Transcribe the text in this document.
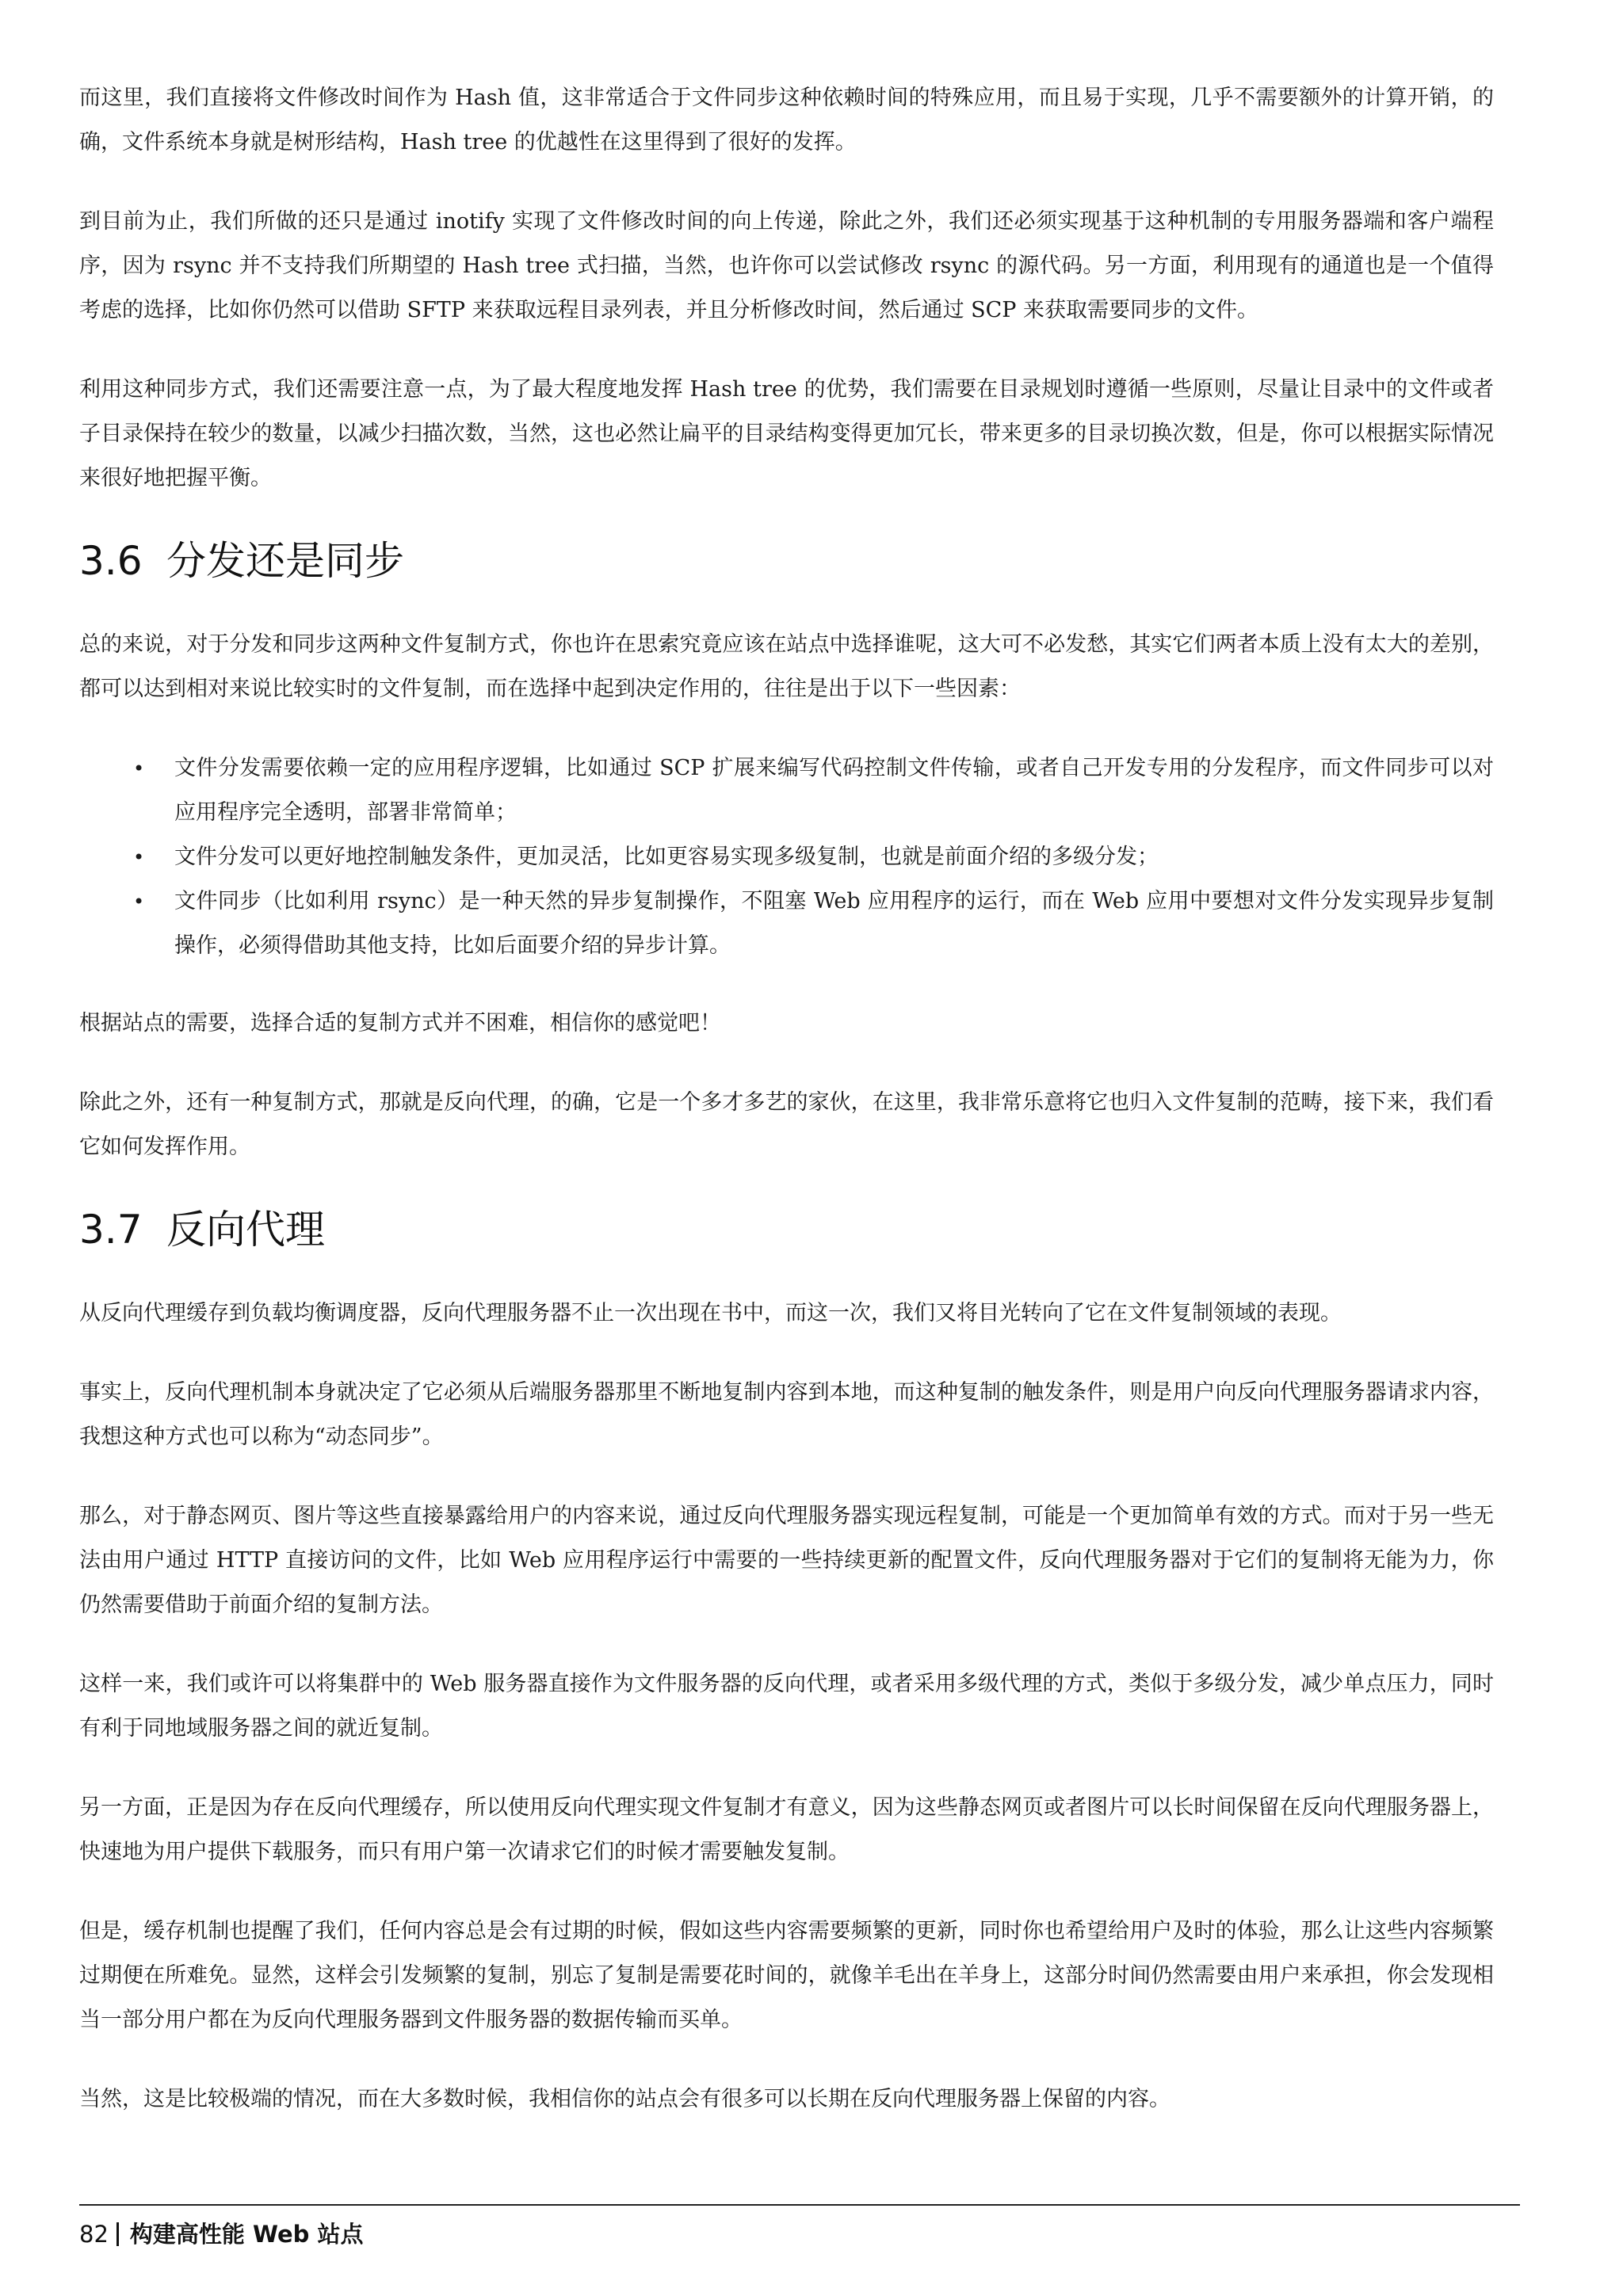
而这里，我们直接将文件修改时间作为 Hash 值，这非常适合于文件同步这种依赖时间的特殊应用，而且易于实现，几乎不需要额外的计算开销，的确，文件系统本身就是树形结构，Hash tree 的优越性在这里得到了很好的发挥。

到目前为止，我们所做的还只是通过 inotify 实现了文件修改时间的向上传递，除此之外，我们还必须实现基于这种机制的专用服务器端和客户端程序，因为 rsync 并不支持我们所期望的 Hash tree 式扫描，当然，也许你可以尝试修改 rsync 的源代码。另一方面，利用现有的通道也是一个值得考虑的选择，比如你仍然可以借助 SFTP 来获取远程目录列表，并且分析修改时间，然后通过 SCP 来获取需要同步的文件。

利用这种同步方式，我们还需要注意一点，为了最大程度地发挥 Hash tree 的优势，我们需要在目录规划时遵循一些原则，尽量让目录中的文件或者子目录保持在较少的数量，以减少扫描次数，当然，这也必然让扁平的目录结构变得更加冗长，带来更多的目录切换次数，但是，你可以根据实际情况来很好地把握平衡。

3.6 分发还是同步

总的来说，对于分发和同步这两种文件复制方式，你也许在思索究竟应该在站点中选择谁呢，这大可不必发愁，其实它们两者本质上没有太大的差别，都可以达到相对来说比较实时的文件复制，而在选择中起到决定作用的，往往是出于以下一些因素：

• 文件分发需要依赖一定的应用程序逻辑，比如通过 SCP 扩展来编写代码控制文件传输，或者自己开发专用的分发程序，而文件同步可以对应用程序完全透明，部署非常简单；
• 文件分发可以更好地控制触发条件，更加灵活，比如更容易实现多级复制，也就是前面介绍的多级分发；
• 文件同步（比如利用 rsync）是一种天然的异步复制操作，不阻塞 Web 应用程序的运行，而在 Web 应用中要想对文件分发实现异步复制操作，必须得借助其他支持，比如后面要介绍的异步计算。

根据站点的需要，选择合适的复制方式并不困难，相信你的感觉吧！

除此之外，还有一种复制方式，那就是反向代理，的确，它是一个多才多艺的家伙，在这里，我非常乐意将它也归入文件复制的范畴，接下来，我们看它如何发挥作用。

3.7 反向代理

从反向代理缓存到负载均衡调度器，反向代理服务器不止一次出现在书中，而这一次，我们又将目光转向了它在文件复制领域的表现。

事实上，反向代理机制本身就决定了它必须从后端服务器那里不断地复制内容到本地，而这种复制的触发条件，则是用户向反向代理服务器请求内容，我想这种方式也可以称为“动态同步”。

那么，对于静态网页、图片等这些直接暴露给用户的内容来说，通过反向代理服务器实现远程复制，可能是一个更加简单有效的方式。而对于另一些无法由用户通过 HTTP 直接访问的文件，比如 Web 应用程序运行中需要的一些持续更新的配置文件，反向代理服务器对于它们的复制将无能为力，你仍然需要借助于前面介绍的复制方法。

这样一来，我们或许可以将集群中的 Web 服务器直接作为文件服务器的反向代理，或者采用多级代理的方式，类似于多级分发，减少单点压力，同时有利于同地域服务器之间的就近复制。

另一方面，正是因为存在反向代理缓存，所以使用反向代理实现文件复制才有意义，因为这些静态网页或者图片可以长时间保留在反向代理服务器上，快速地为用户提供下载服务，而只有用户第一次请求它们的时候才需要触发复制。

但是，缓存机制也提醒了我们，任何内容总是会有过期的时候，假如这些内容需要频繁的更新，同时你也希望给用户及时的体验，那么让这些内容频繁过期便在所难免。显然，这样会引发频繁的复制，别忘了复制是需要花时间的，就像羊毛出在羊身上，这部分时间仍然需要由用户来承担，你会发现相当一部分用户都在为反向代理服务器到文件服务器的数据传输而买单。

当然，这是比较极端的情况，而在大多数时候，我相信你的站点会有很多可以长期在反向代理服务器上保留的内容。

82 构建高性能 Web 站点
